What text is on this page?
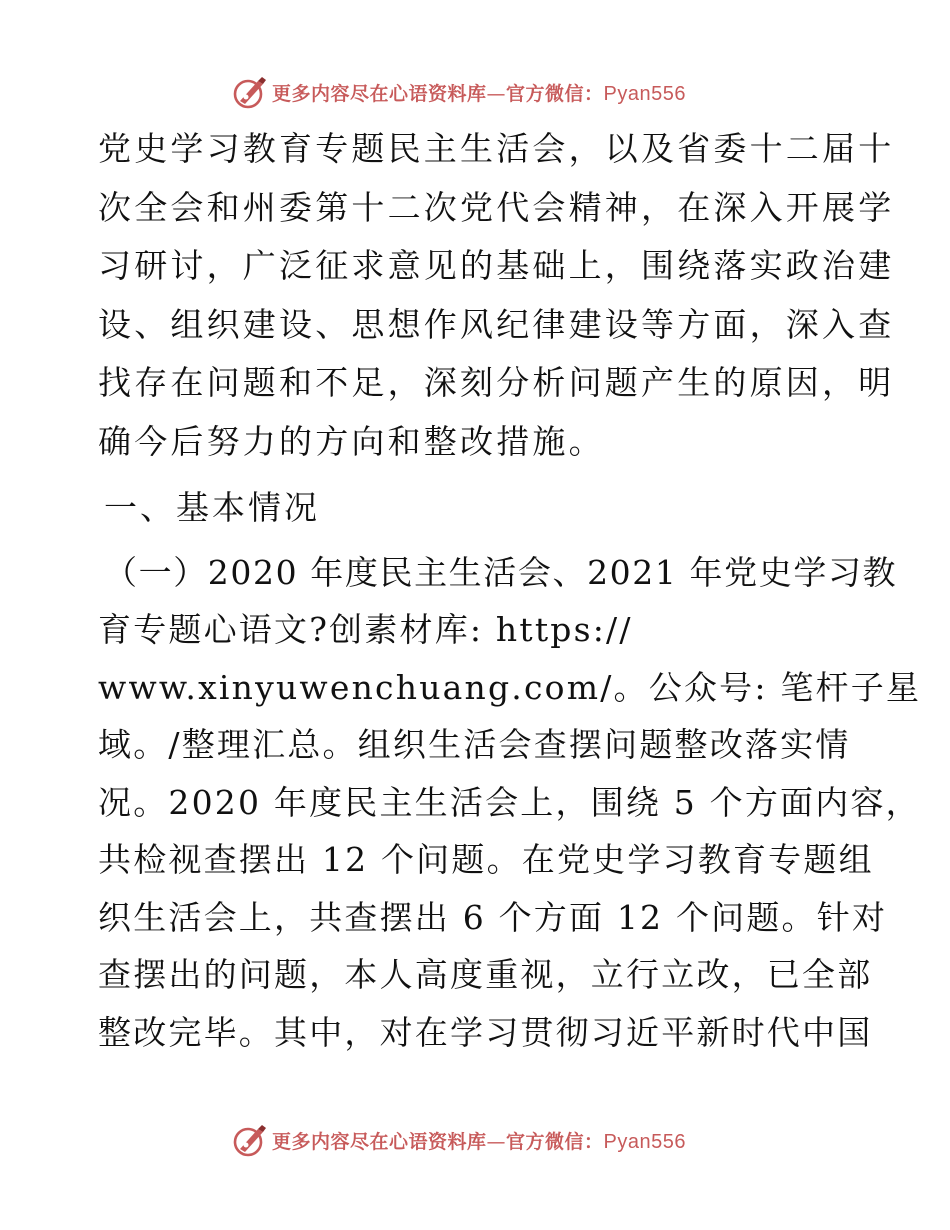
更多内容尽在心语资料库—官方微信：Pyan556
党史学习教育专题民主生活会，以及省委十二届十
次全会和州委第十二次党代会精神，在深入开展学
习研讨，广泛征求意见的基础上，围绕落实政治建
设、组织建设、思想作风纪律建设等方面，深入查
找存在问题和不足，深刻分析问题产生的原因，明
确今后努力的方向和整改措施。
一、基本情况
（一）2020 年度民主生活会、2021 年党史学习教
育专题心语文?创素材库: https://
www.xinyuwenchuang.com/。公众号: 笔杆子星
域。/整理汇总。组织生活会查摆问题整改落实情
况。2020 年度民主生活会上，围绕 5 个方面内容，
共检视查摆出 12 个问题。在党史学习教育专题组
织生活会上，共查摆出 6 个方面 12 个问题。针对
查摆出的问题，本人高度重视，立行立改，已全部
整改完毕。其中，对在学习贯彻习近平新时代中国
更多内容尽在心语资料库—官方微信：Pyan556
